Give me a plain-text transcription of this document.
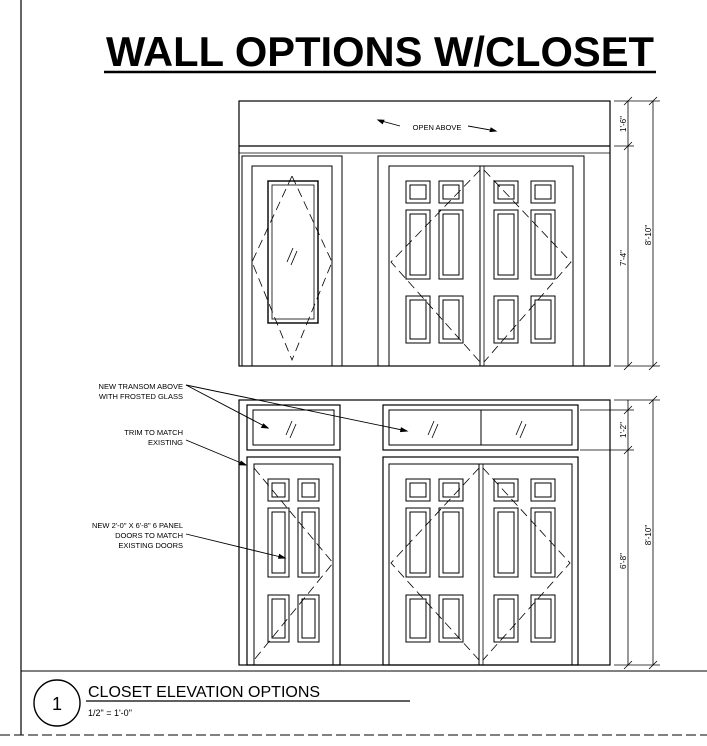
WALL OPTIONS W/CLOSET
OPEN ABOVE	1'-6"
7'-4"
8'-10"
1'-2"
6'-8"
8'-10"
NEW TRANSOM ABOVE
WITH FROSTED GLASS
TRIM TO MATCH
EXISTING
NEW 2'-0" X 6'-8" 6 PANEL
DOORS TO MATCH
EXISTING DOORS
1
CLOSET ELEVATION OPTIONS
1/2" = 1'-0"
